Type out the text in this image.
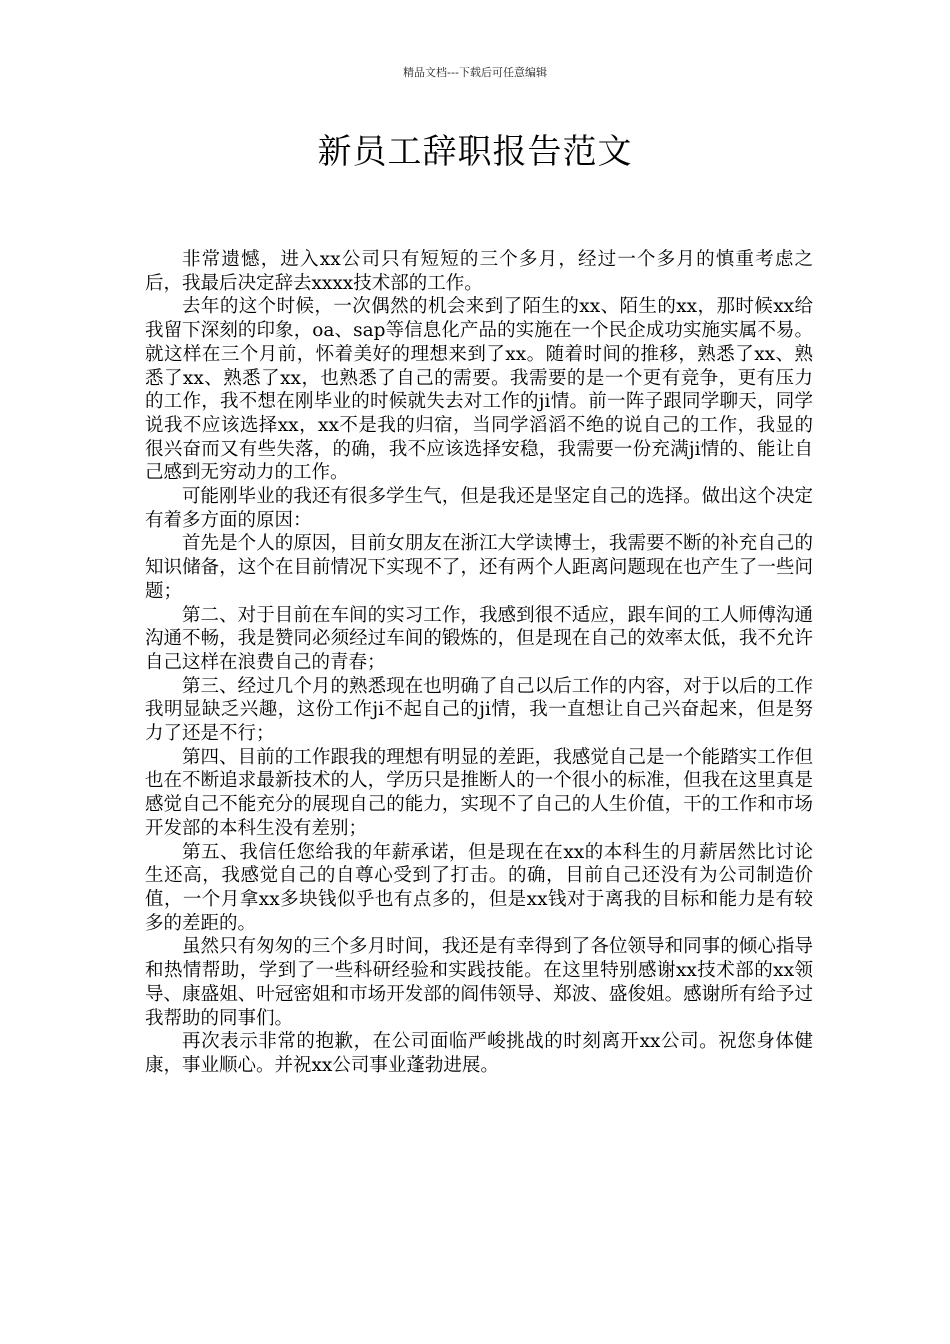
精品文档---下载后可任意编辑
新员工辞职报告范文

非常遗憾，进入xx公司只有短短的三个多月，经过一个多月的慎重考虑之后，我最后决定辞去xxxx技术部的工作。

去年的这个时候，一次偶然的机会来到了陌生的xx、陌生的xx，那时候xx给我留下深刻的印象，oa、sap等信息化产品的实施在一个民企成功实施实属不易。就这样在三个月前，怀着美好的理想来到了xx。随着时间的推移，熟悉了xx、熟悉了xx、熟悉了xx，也熟悉了自己的需要。我需要的是一个更有竞争，更有压力的工作，我不想在刚毕业的时候就失去对工作的ji情。前一阵子跟同学聊天，同学说我不应该选择xx，xx不是我的归宿，当同学滔滔不绝的说自己的工作，我显的很兴奋而又有些失落，的确，我不应该选择安稳，我需要一份充满ji情的、能让自己感到无穷动力的工作。

可能刚毕业的我还有很多学生气，但是我还是坚定自己的选择。做出这个决定有着多方面的原因：

首先是个人的原因，目前女朋友在浙江大学读博士，我需要不断的补充自己的知识储备，这个在目前情况下实现不了，还有两个人距离问题现在也产生了一些问题；

第二、对于目前在车间的实习工作，我感到很不适应，跟车间的工人师傅沟通沟通不畅，我是赞同必须经过车间的锻炼的，但是现在自己的效率太低，我不允许自己这样在浪费自己的青春；

第三、经过几个月的熟悉现在也明确了自己以后工作的内容，对于以后的工作我明显缺乏兴趣，这份工作ji不起自己的ji情，我一直想让自己兴奋起来，但是努力了还是不行；

第四、目前的工作跟我的理想有明显的差距，我感觉自己是一个能踏实工作但也在不断追求最新技术的人，学历只是推断人的一个很小的标准，但我在这里真是感觉自己不能充分的展现自己的能力，实现不了自己的人生价值，干的工作和市场开发部的本科生没有差别；

第五、我信任您给我的年薪承诺，但是现在在xx的本科生的月薪居然比讨论生还高，我感觉自己的自尊心受到了打击。的确，目前自己还没有为公司制造价值，一个月拿xx多块钱似乎也有点多的，但是xx钱对于离我的目标和能力是有较多的差距的。

虽然只有匆匆的三个多月时间，我还是有幸得到了各位领导和同事的倾心指导和热情帮助，学到了一些科研经验和实践技能。在这里特别感谢xx技术部的xx领导、康盛姐、叶冠密姐和市场开发部的阎伟领导、郑波、盛俊姐。感谢所有给予过我帮助的同事们。

再次表示非常的抱歉，在公司面临严峻挑战的时刻离开xx公司。祝您身体健康，事业顺心。并祝xx公司事业蓬勃进展。
